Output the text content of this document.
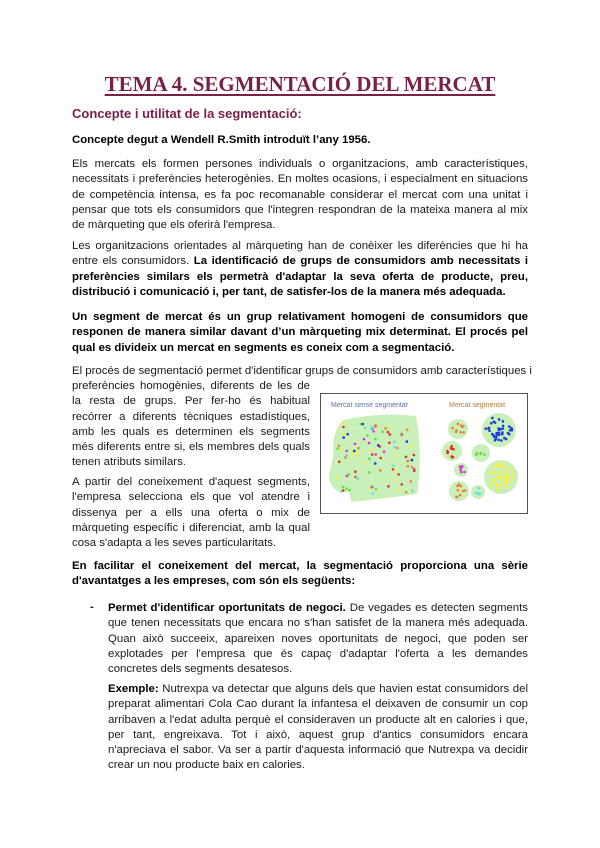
TEMA 4. SEGMENTACIÓ DEL MERCAT
Concepte i utilitat de la segmentació:

Concepte degut a Wendell R.Smith introduït l’any 1956.

Els mercats els formen persones individuals o organitzacions, amb característiques, necessitats i preferències heterogènies. En moltes ocasions, i especialment en situacions de competència intensa, es fa poc recomanable considerar el mercat com una unitat i pensar que tots els consumidors que l'integren respondran de la mateixa manera al mix de màrqueting que els oferirà l'empresa.

Les organitzacions orientades al màrqueting han de conèixer les diferències que hi ha entre els consumidors. La identificació de grups de consumidors amb necessitats i preferències similars els permetrà d'adaptar la seva oferta de producte, preu, distribució i comunicació i, per tant, de satisfer-los de la manera més adequada.

Un segment de mercat és un grup relativament homogeni de consumidors que responen de manera similar davant d’un màrqueting mix determinat. El procés pel qual es divideix un mercat en segments es coneix com a segmentació.

El procés de segmentació permet d'identificar grups de consumidors amb característiques i

preferències homogènies, diferents de les de la resta de grups. Per fer-ho és habitual recórrer a diferents tècniques estadístiques, amb les quals es determinen els segments més diferents entre si, els membres dels quals tenen atributs similars.

Mercat sense segmentar	Mercat segmentat

A partir del coneixement d'aquest segments, l'empresa selecciona els que vol atendre i dissenya per a ells una oferta o mix de màrqueting específic i diferenciat, amb la qual cosa s'adapta a les seves particularitats.

En facilitar el coneixement del mercat, la segmentació proporciona una sèrie d'avantatges a les empreses, com són els següents:

- Permet d'identificar oportunitats de negoci. De vegades es detecten segments que tenen necessitats que encara no s'han satisfet de la manera més adequada. Quan això succeeix, apareixen noves oportunitats de negoci, que poden ser explotades per l'empresa que és capaç d'adaptar l'oferta a les demandes concretes dels segments desatesos.

Exemple: Nutrexpa va detectar que alguns dels que havien estat consumidors del preparat alimentari Cola Cao durant la infantesa el deixaven de consumir un cop arribaven a l'edat adulta perquè el consideraven un producte alt en calories i que, per tant, engreixava. Tot i això, aquest grup d'antics consumidors encara n'apreciava el sabor. Va ser a partir d'aquesta informació que Nutrexpa va decidir crear un nou producte baix en calories.
